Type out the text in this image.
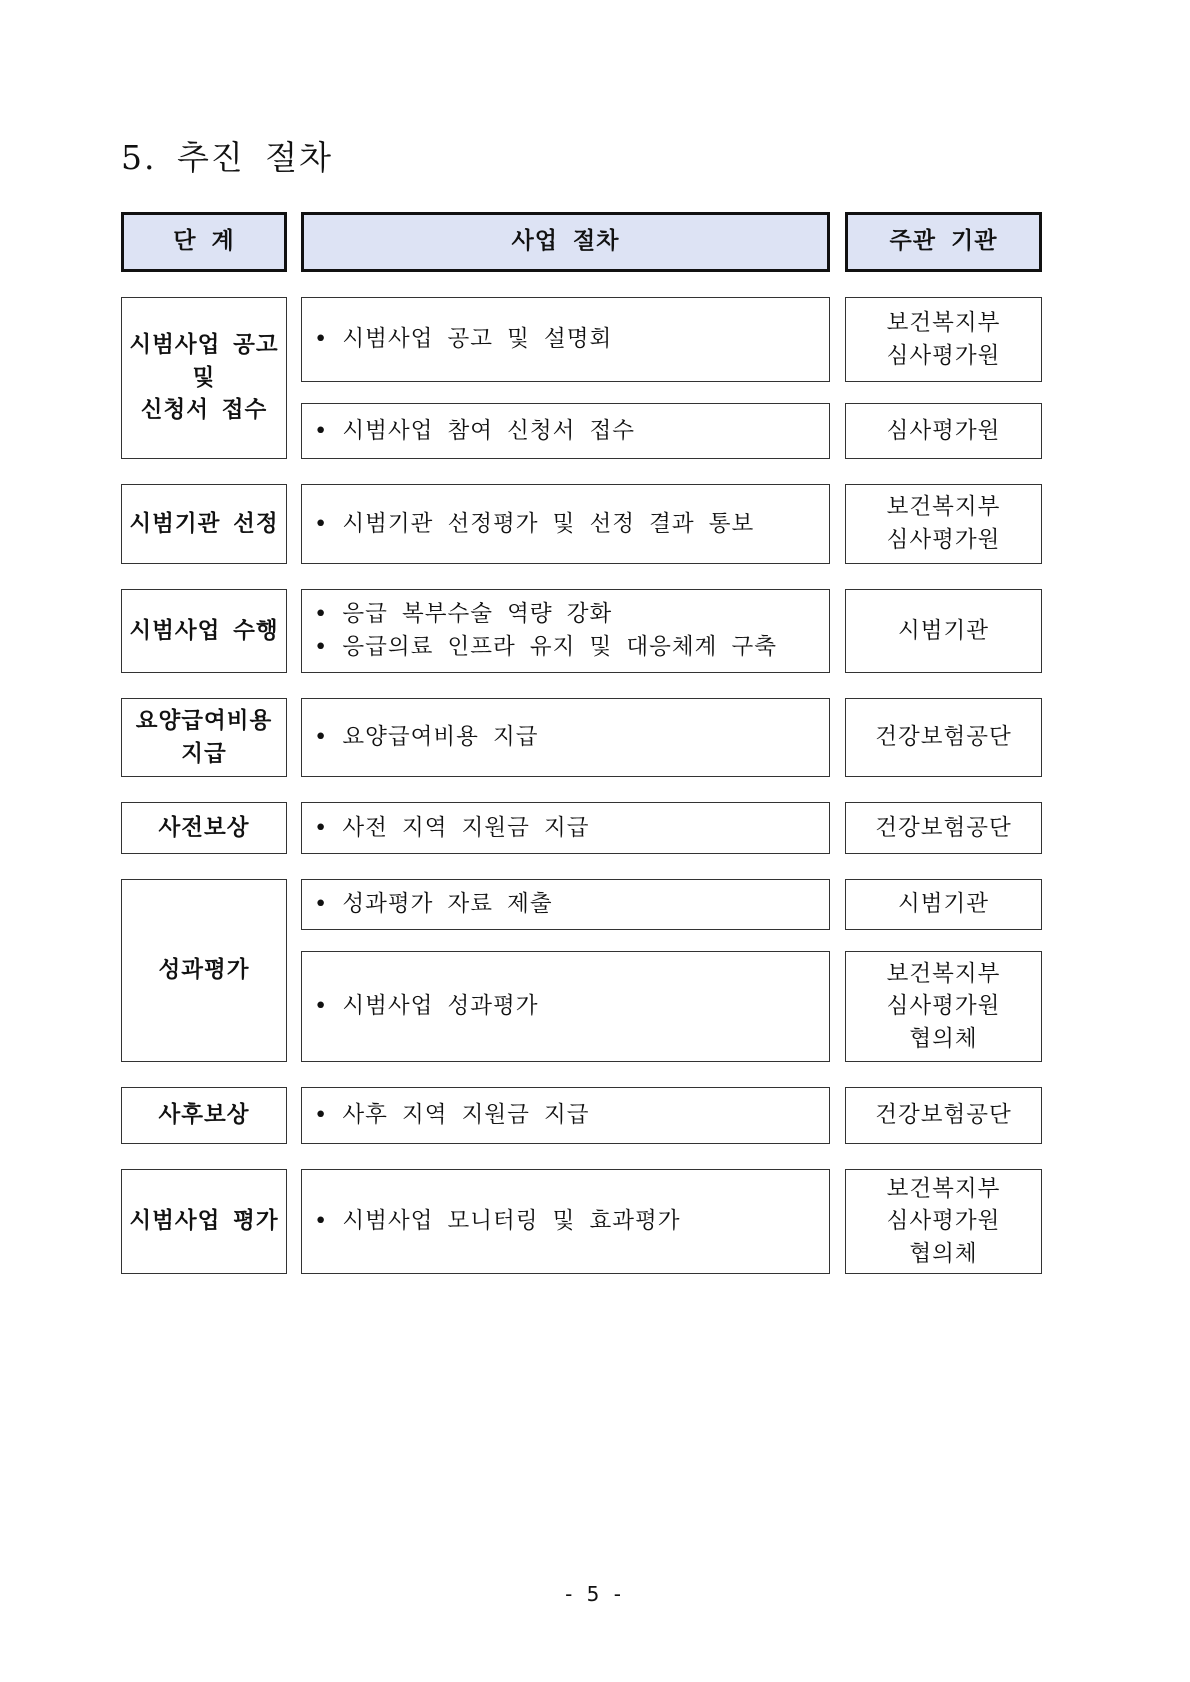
5. 추진 절차
단 계	사업 절차	주관 기관
시범사업 공고
및
신청서 접수
시범기관 선정
시범사업 수행
요양급여비용
지급
사전보상
성과평가
사후보상
시범사업 평가
• 시범사업 공고 및 설명회
• 시범사업 참여 신청서 접수
• 시범기관 선정평가 및 선정 결과 통보
• 응급 복부수술 역량 강화
• 응급의료 인프라 유지 및 대응체계 구축
• 요양급여비용 지급
• 사전 지역 지원금 지급
• 성과평가 자료 제출
• 시범사업 성과평가
• 사후 지역 지원금 지급
• 시범사업 모니터링 및 효과평가
보건복지부
심사평가원
심사평가원
보건복지부
심사평가원
시범기관
건강보험공단
건강보험공단
시범기관
보건복지부
심사평가원
협의체
건강보험공단
보건복지부
심사평가원
협의체
- 5 -
